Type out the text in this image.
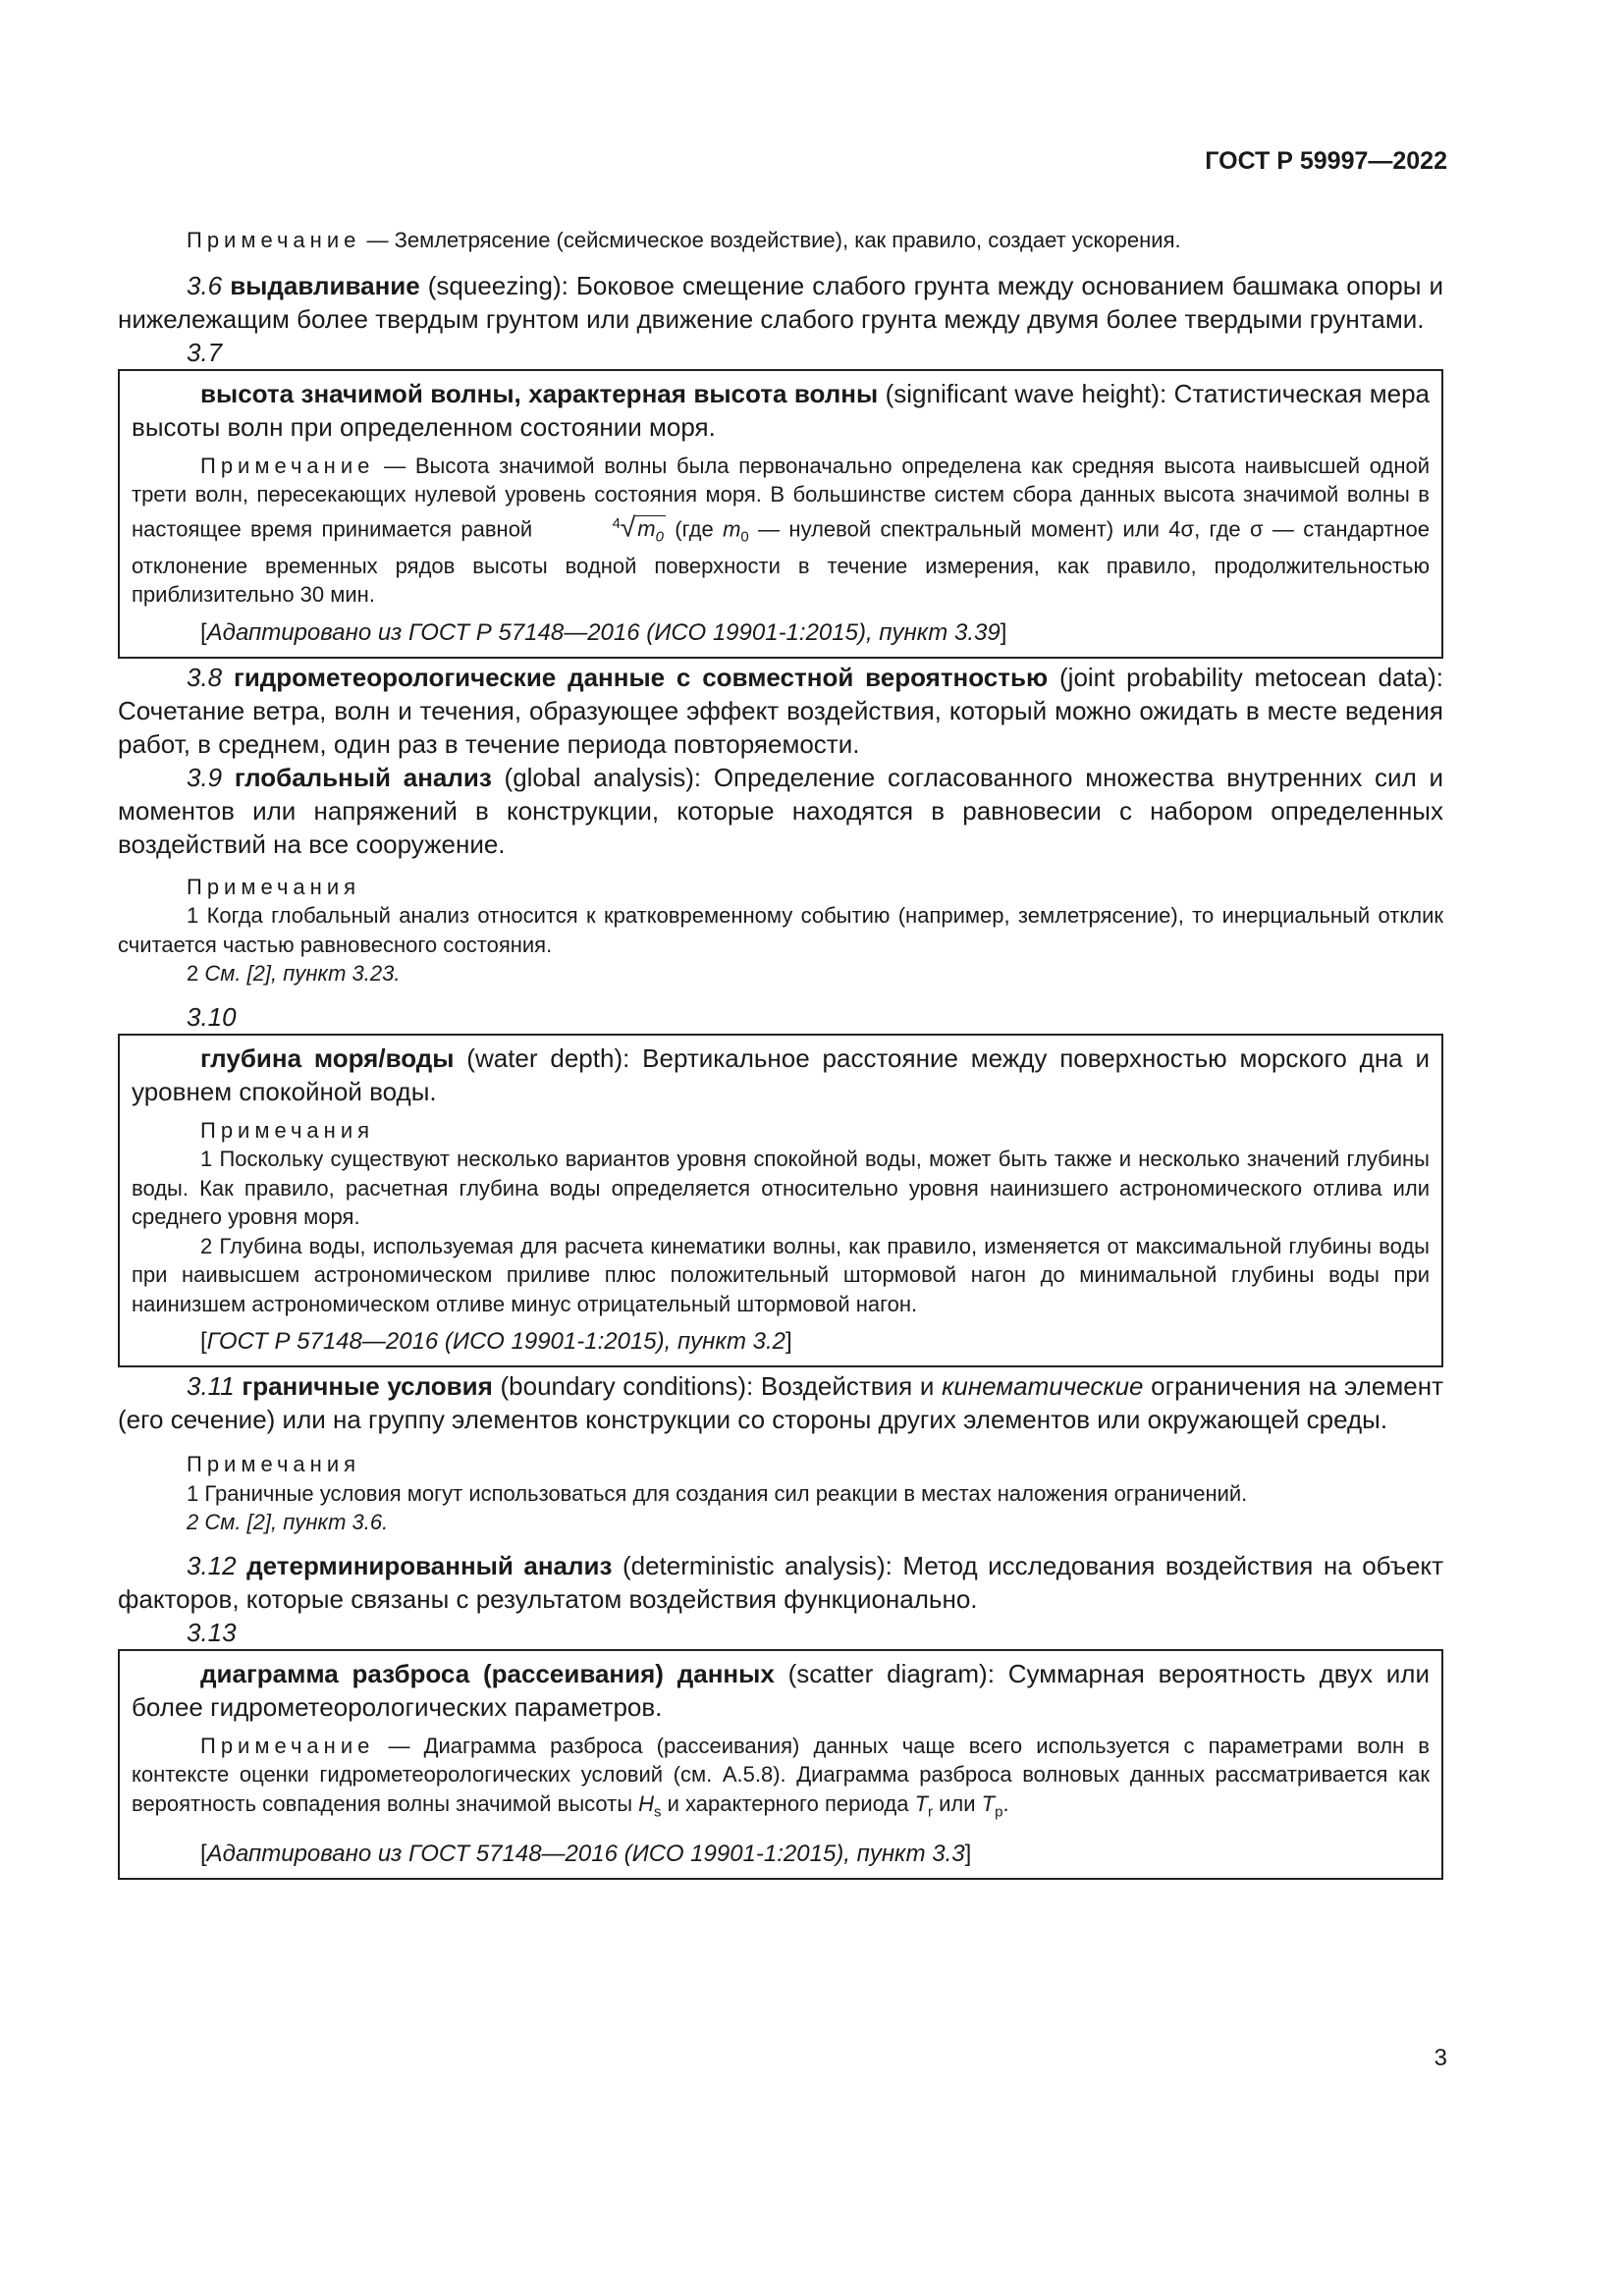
ГОСТ Р 59997—2022

Примечание — Землетрясение (сейсмическое воздействие), как правило, создает ускорения.

3.6 выдавливание (squeezing): Боковое смещение слабого грунта между основанием башмака опоры и нижележащим более твердым грунтом или движение слабого грунта между двумя более твердыми грунтами.

3.7

высота значимой волны, характерная высота волны (significant wave height): Статистическая мера высоты волн при определенном состоянии моря.

Примечание — Высота значимой волны была первоначально определена как средняя высота наивысшей одной трети волн, пересекающих нулевой уровень состояния моря. В большинстве систем сбора данных высота значимой волны в настоящее время принимается равной	$^4√m_0$ (где $m_0$ — нулевой спектральный момент) или 4σ, где σ — стандартное отклонение временных рядов высоты водной поверхности в течение измерения, как правило, продолжительностью приблизительно 30 мин.

[Адаптировано из ГОСТ Р 57148—2016 (ИСО 19901-1:2015), пункт 3.39]

3.8 гидрометеорологические данные с совместной вероятностью (joint probability metocean data): Сочетание ветра, волн и течения, образующее эффект воздействия, который можно ожидать в месте ведения работ, в среднем, один раз в течение периода повторяемости.

3.9 глобальный анализ (global analysis): Определение согласованного множества внутренних сил и моментов или напряжений в конструкции, которые находятся в равновесии с набором определенных воздействий на все сооружение.

Примечания

1 Когда глобальный анализ относится к кратковременному событию (например, землетрясение), то инерциальный отклик считается частью равновесного состояния.

2 См. [2], пункт 3.23.

3.10

глубина моря/воды (water depth): Вертикальное расстояние между поверхностью морского дна и уровнем спокойной воды.

Примечания

1 Поскольку существуют несколько вариантов уровня спокойной воды, может быть также и несколько значений глубины воды. Как правило, расчетная глубина воды определяется относительно уровня наинизшего астрономического отлива или среднего уровня моря.

2 Глубина воды, используемая для расчета кинематики волны, как правило, изменяется от максимальной глубины воды при наивысшем астрономическом приливе плюс положительный штормовой нагон до минимальной глубины воды при наинизшем астрономическом отливе минус отрицательный штормовой нагон.

[ГОСТ Р 57148—2016 (ИСО 19901-1:2015), пункт 3.2]

3.11 граничные условия (boundary conditions): Воздействия и кинематические ограничения на элемент (его сечение) или на группу элементов конструкции со стороны других элементов или окружающей среды.

Примечания

1 Граничные условия могут использоваться для создания сил реакции в местах наложения ограничений.

2 См. [2], пункт 3.6.

3.12 детерминированный анализ (deterministic analysis): Метод исследования воздействия на объект факторов, которые связаны с результатом воздействия функционально.

3.13

диаграмма разброса (рассеивания) данных (scatter diagram): Суммарная вероятность двух или более гидрометеорологических параметров.

Примечание — Диаграмма разброса (рассеивания) данных чаще всего используется с параметрами волн в контексте оценки гидрометеорологических условий (см. А.5.8). Диаграмма разброса волновых данных рассматривается как вероятность совпадения волны значимой высоты $H_s$ и характерного периода $T_r$ или $T_p$.

[Адаптировано из ГОСТ 57148—2016 (ИСО 19901-1:2015), пункт 3.3]

3
